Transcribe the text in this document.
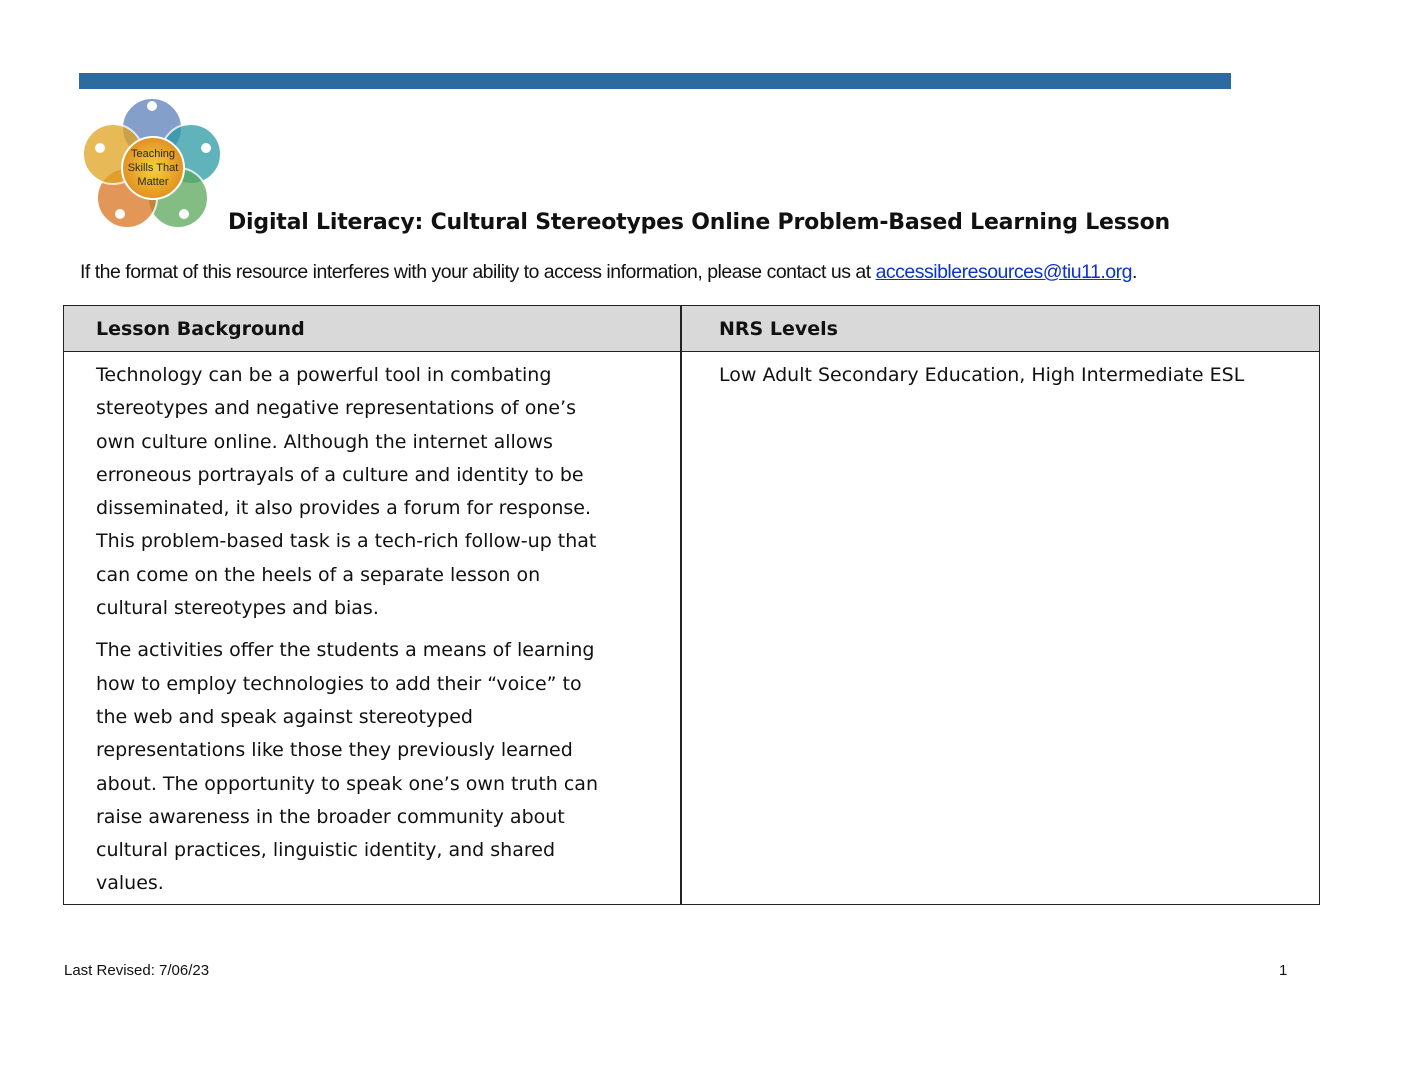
Teaching
Skills That
Matter
Digital Literacy: Cultural Stereotypes Online Problem-Based Learning Lesson
If the format of this resource interferes with your ability to access information, please contact us at accessibleresources@tiu11.org.
Lesson Background	NRS Levels

Technology can be a powerful tool in combating
stereotypes and negative representations of one’s
own culture online. Although the internet allows
erroneous portrayals of a culture and identity to be
disseminated, it also provides a forum for response.
This problem-based task is a tech-rich follow-up that
can come on the heels of a separate lesson on
cultural stereotypes and bias.

The activities offer the students a means of learning
how to employ technologies to add their “voice” to
the web and speak against stereotyped
representations like those they previously learned
about. The opportunity to speak one’s own truth can
raise awareness in the broader community about
cultural practices, linguistic identity, and shared
values.

Low Adult Secondary Education, High Intermediate ESL
Last Revised: 7/06/23	1
